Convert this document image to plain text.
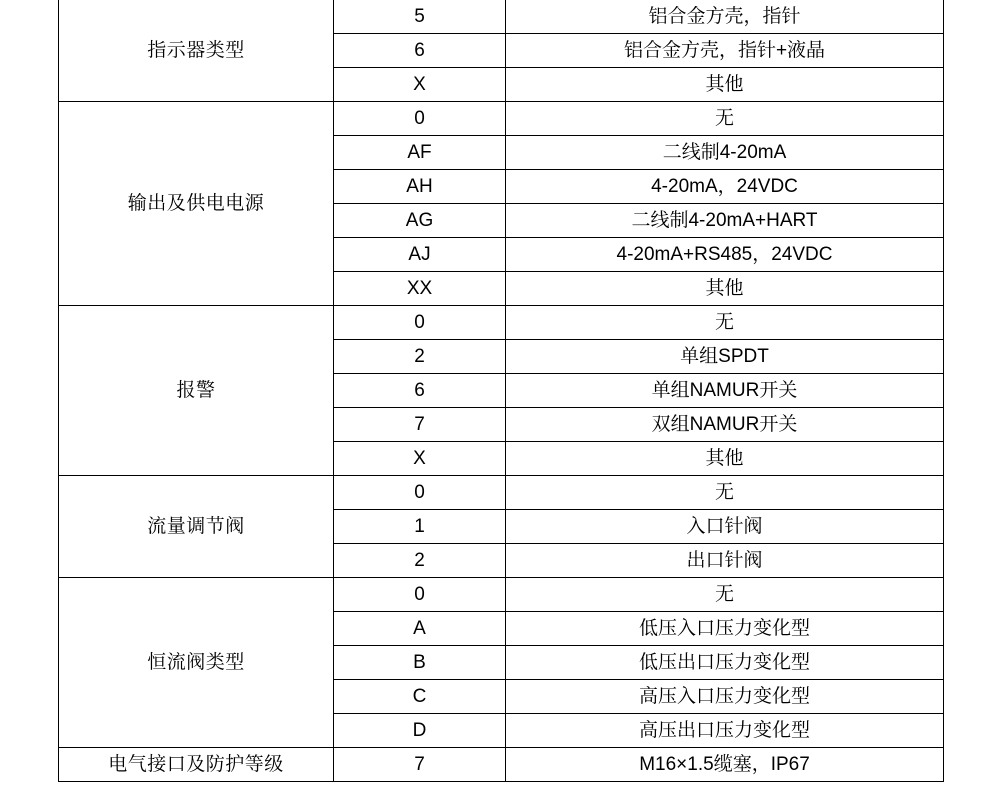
指示器类型	5	铝合金方壳，指针
	6	铝合金方壳，指针+液晶
	X	其他
输出及供电电源	0	无
	AF	二线制4-20mA
	AH	4-20mA，24VDC
	AG	二线制4-20mA+HART
	AJ	4-20mA+RS485，24VDC
	XX	其他
报警	0	无
	2	单组SPDT
	6	单组NAMUR开关
	7	双组NAMUR开关
	X	其他
流量调节阀	0	无
	1	入口针阀
	2	出口针阀
恒流阀类型	0	无
	A	低压入口压力变化型
	B	低压出口压力变化型
	C	高压入口压力变化型
	D	高压出口压力变化型
电气接口及防护等级	7	M16×1.5缆塞，IP67
